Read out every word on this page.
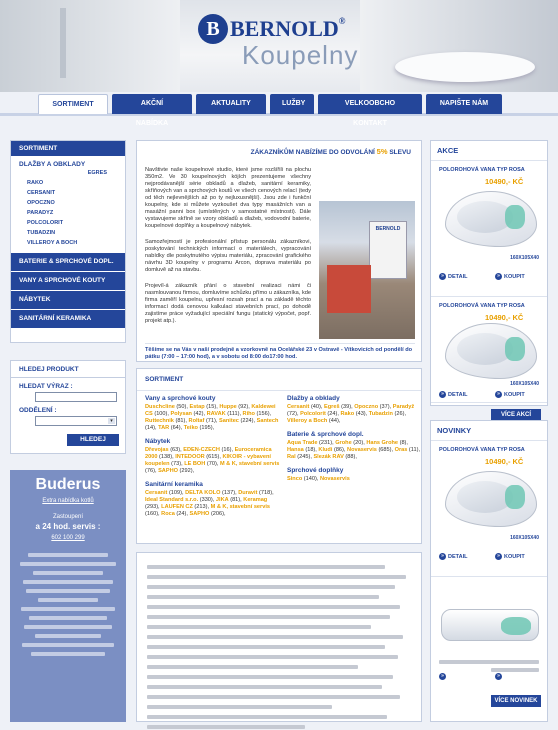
B BERNOLD®
Koupelny
SORTIMENT	AKČNÍ NABÍDKA
AKTUALITY	LUŽBY	VELKOOBCHO KONTAKT
NAPIŠTE NÁM
SORTIMENT
DLAŽBY A OBKLADY
EGRES
RAKO
CERSANIT
OPOCZNO
PARADYZ
POLCOLORIT
TUBADZIN
VILLEROY A BOCH
BATERIE & SPRCHOVÉ DOPL.
VANY A SPRCHOVÉ KOUTY
NÁBYTEK
SANITÁRNÍ KERAMIKA
HLEDEJ PRODUKT
HLEDAT VÝRAZ :
ODDĚLENÍ :
▾
HLEDEJ
Buderus
Extra nabídka kotlů
Zastoupení
a 24 hod. servis :
602 100 299
ZÁKAZNÍKŮM NABÍZÍME DO ODVOLÁNÍ 5% SLEVU

Navštivte naše koupelnové studio, které jsme rozšířili na plochu 350m2. Ve 30 koupelnových kójích prezentujeme všechny nejprodávanější série obkladů a dlažeb, sanitární keramiky, skříňových van a sprchových koutů ve všech cenových relací (tedy od těch nejlevnějších až po ty nejluxusnější). Jsou zde i funkční koupelny, kde si můžete vyzkoušet dva typy masážních van a masážní panni box (umístěných v samostatné místnosti). Dále vystavujeme skříně se vzory obkladů a dlažeb, vodovodní baterie, koupelnové doplňky a koupelnový nábytek.

Samozřejmostí je profesionální přístup personálu zákazníkovi, poskytování technických informací o materiálech, vypracování nabídky dle poskytnutého výpisu materiálu, zpracování grafického návrhu 3D koupelny v programu Arcon, doprava materiálu po domluvě až na stavbu.

Projevíl-á zákazník přání o stavební realizaci námi či nasmlouvanou firmou, domluvíme schůzku přímo u zákazníka, kde firma zaměří koupelnu, upřesní rozsah prací a na základě těchto informací dodá cenovou kalkulaci stavebních prací, po dohodě zajistíme práce vyžadující speciální fungu (statický výpočet, popř. projekt atp.).

BERNOLD

Těšíme se na Vás v naší prodejně a vzorkovně na Ocelářské 23 v Ostravě - Vítkovicích od pondělí do pátku (7:00 – 17:00 hod), a v sobotu od 8:00 do17:00 hod.

SORTIMENT
Vany a sprchové kouty
Duschcline (50), Estap (15), Huppe (92), Kaldewei CS (100), Polysan (42), RAVAK (111), Riho (156), Ruttechnik (81), Roltaf (71), Sanitec (224), Santech (14), TAR (64), Teiko (195),
Nábytek
Dřevojas (63), EDEN-CZECH (16), Euroceramica 2000 (138), INTEDOOR (615), KIKOIR - vybavení koupelen (73), LE BOH (70), M & K, stavební servis (76), SAPHO (292),
Sanitární keramika
Cersanit (109), DELTA KOLO (137), Duravit (718), Ideal Standard s.r.o. (330), JIKA (81), Keramag (293), LAUFEN CZ (213), M & K, stavební servis (160), Roca (24), SAPHO (206),
Dlažby a obklady
Cersanit (40), Egreš (39), Opoczno (37), Paradyž (72), Polcolorit (24), Rako (43), Tubadzin (26), Villeroy a Boch (44),
Baterie & sprchové dopl.
Aqua Trade (231), Grohe (20), Hans Grohe (8), Hansa (18), Kludi (86), Novaservis (685), Oras (11), Ral (245), Slezák RAV (88),
Sprchové doplňky
Sinco (140), Novaservis
AKCE
POLOROHOVÁ VANA TYP ROSA
10490,- KČ
160X105X40
» DETAIL	» KOUPIT
POLOROHOVÁ VANA TYP ROSA
10490,- KČ
160X105X40
» DETAIL	» KOUPIT
VÍCE AKCÍ
NOVINKY
POLOROHOVÁ VANA TYP ROSA
10490,- KČ
160X105X40
» DETAIL	» KOUPIT
»	»
VÍCE NOVINEK
